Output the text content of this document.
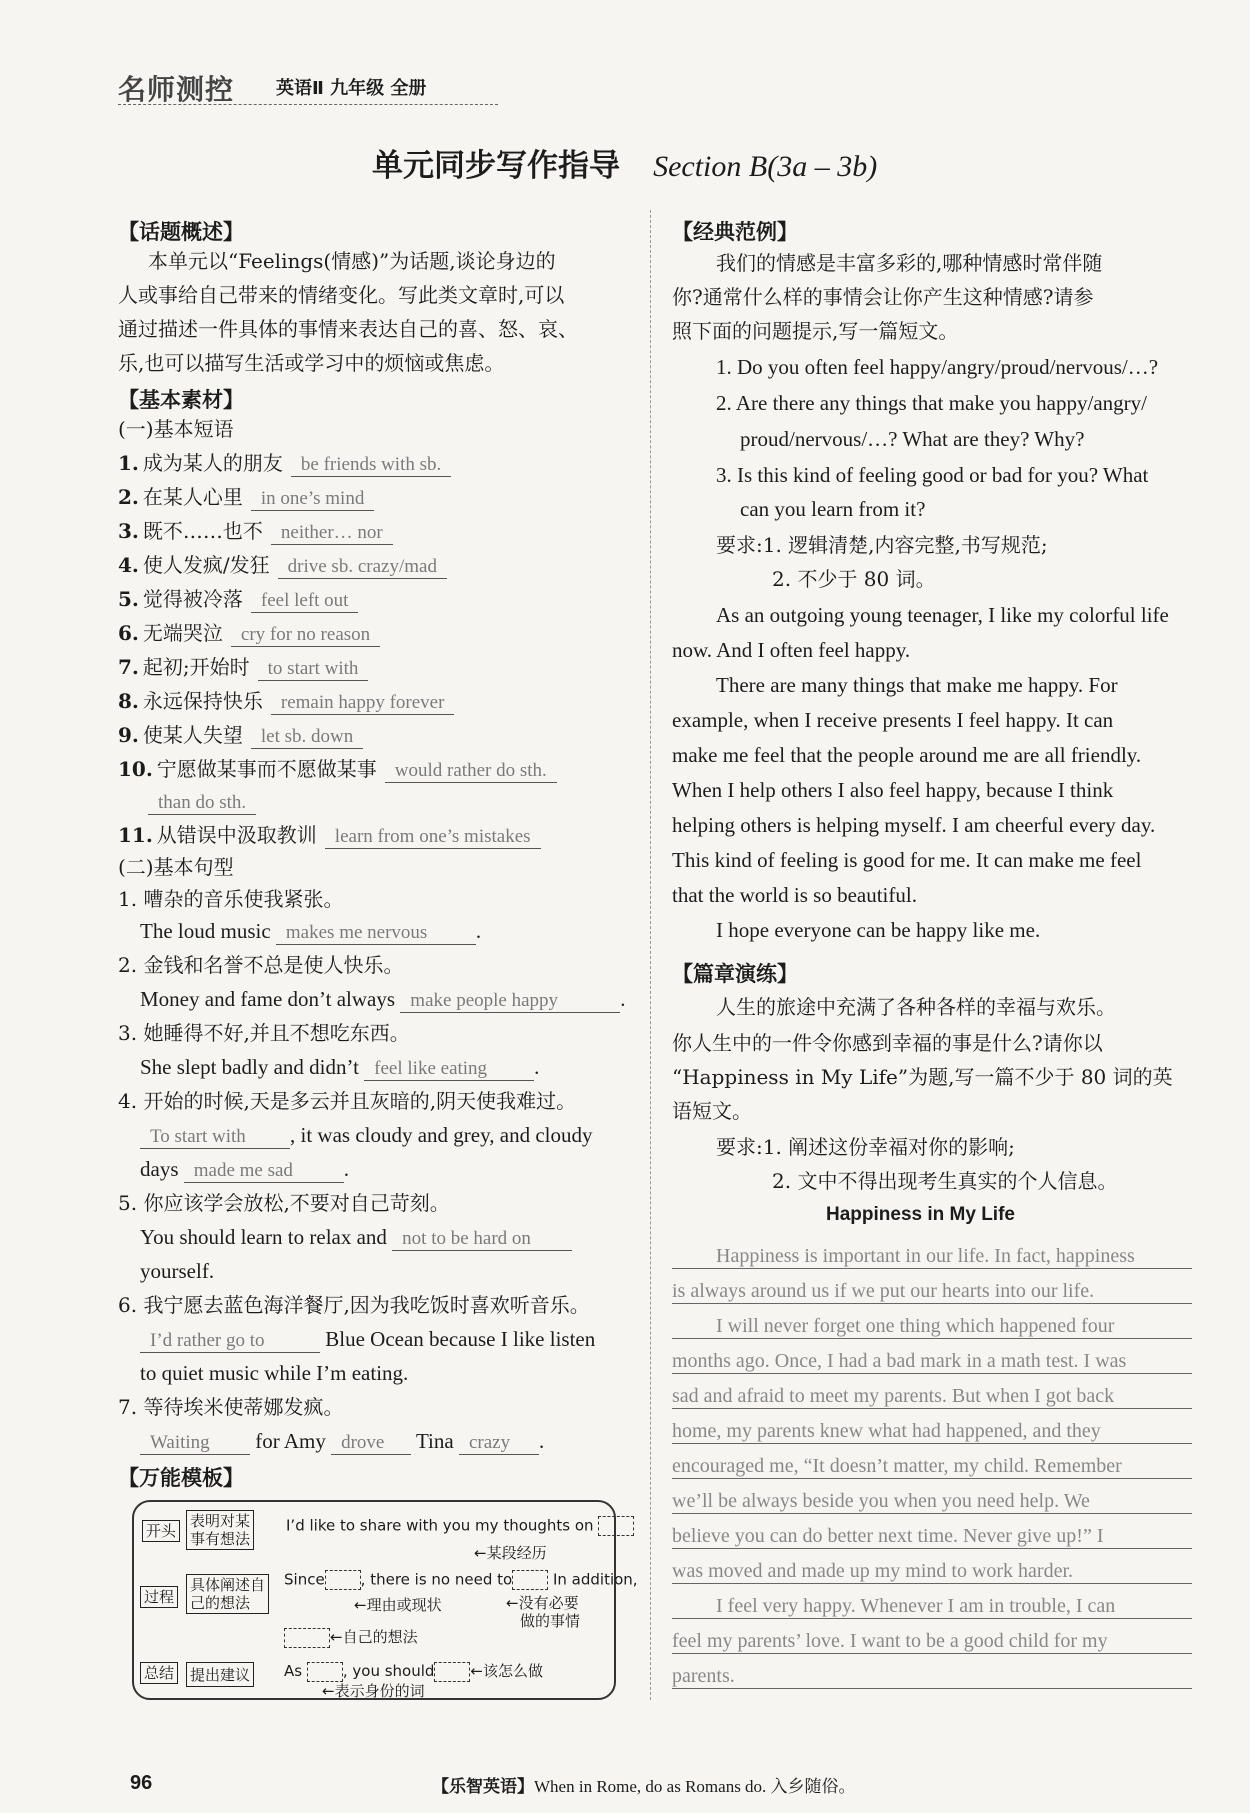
名师测控 英语Ⅱ 九年级 全册
单元同步写作指导 Section B(3a – 3b)
【话题概述】
本单元以“Feelings(情感)”为话题,谈论身边的
人或事给自己带来的情绪变化。写此类文章时,可以
通过描述一件具体的事情来表达自己的喜、怒、哀、
乐,也可以描写生活或学习中的烦恼或焦虑。
【基本素材】
(一)基本短语
1. 成为某人的朋友 be friends with sb.
2. 在某人心里 in one’s mind
3. 既不……也不 neither… nor
4. 使人发疯/发狂 drive sb. crazy/mad
5. 觉得被冷落 feel left out
6. 无端哭泣 cry for no reason
7. 起初;开始时 to start with
8. 永远保持快乐 remain happy forever
9. 使某人失望 let sb. down
10. 宁愿做某事而不愿做某事 would rather do sth.
11. 从错误中汲取教训 learn from one’s mistakes
than do sth.
(二)基本句型
1. 嘈杂的音乐使我紧张。
The loud music makes me nervous .
2. 金钱和名誉不总是使人快乐。
Money and fame don’t always make people happy	.
3. 她睡得不好,并且不想吃东西。
She slept badly and didn’t feel like eating .
4. 开始的时候,天是多云并且灰暗的,阴天使我难过。
To start with , it was cloudy and grey, and cloudy
days made me sad .
5. 你应该学会放松,不要对自己苛刻。
You should learn to relax and not to be hard on
yourself.
6. 我宁愿去蓝色海洋餐厅,因为我吃饭时喜欢听音乐。
I’d rather go to	Blue Ocean because I like listen
to quiet music while I’m eating.
7. 等待埃米使蒂娜发疯。
Waiting for Amy drove Tina crazy .
【万能模板】
开头
表明对某
事有想法
I’d like to share with you my thoughts on
←某段经历
过程
具体阐述自
己的想法
Since , there is no need to	In addition,
←理由或现状	←没有必要
做的事情
←自己的想法
总结 提出建议 As	, you should ←该怎么做
←表示身份的词
【经典范例】
我们的情感是丰富多彩的,哪种情感时常伴随
你?通常什么样的事情会让你产生这种情感?请参
照下面的问题提示,写一篇短文。
1. Do you often feel happy/angry/proud/nervous/…?
2. Are there any things that make you happy/angry/
proud/nervous/…? What are they? Why?
3. Is this kind of feeling good or bad for you? What
can you learn from it?
要求:1. 逻辑清楚,内容完整,书写规范;
2. 不少于 80 词。
As an outgoing young teenager, I like my colorful life
now. And I often feel happy.
There are many things that make me happy. For
example, when I receive presents I feel happy. It can
make me feel that the people around me are all friendly.
When I help others I also feel happy, because I think
helping others is helping myself. I am cheerful every day.
This kind of feeling is good for me. It can make me feel
that the world is so beautiful.
I hope everyone can be happy like me.
【篇章演练】
人生的旅途中充满了各种各样的幸福与欢乐。
你人生中的一件令你感到幸福的事是什么?请你以
“Happiness in My Life”为题,写一篇不少于 80 词的英
语短文。
要求:1. 阐述这份幸福对你的影响;
2. 文中不得出现考生真实的个人信息。
Happiness in My Life
Happiness is important in our life. In fact, happiness
is always around us if we put our hearts into our life.
I will never forget one thing which happened four
months ago. Once, I had a bad mark in a math test. I was
sad and afraid to meet my parents. But when I got back
home, my parents knew what had happened, and they
encouraged me, “It doesn’t matter, my child. Remember
we’ll be always beside you when you need help. We
believe you can do better next time. Never give up!” I
was moved and made up my mind to work harder.
I feel very happy. Whenever I am in trouble, I can
feel my parents’ love. I want to be a good child for my
parents.
96	【乐智英语】When in Rome, do as Romans do. 入乡随俗。
